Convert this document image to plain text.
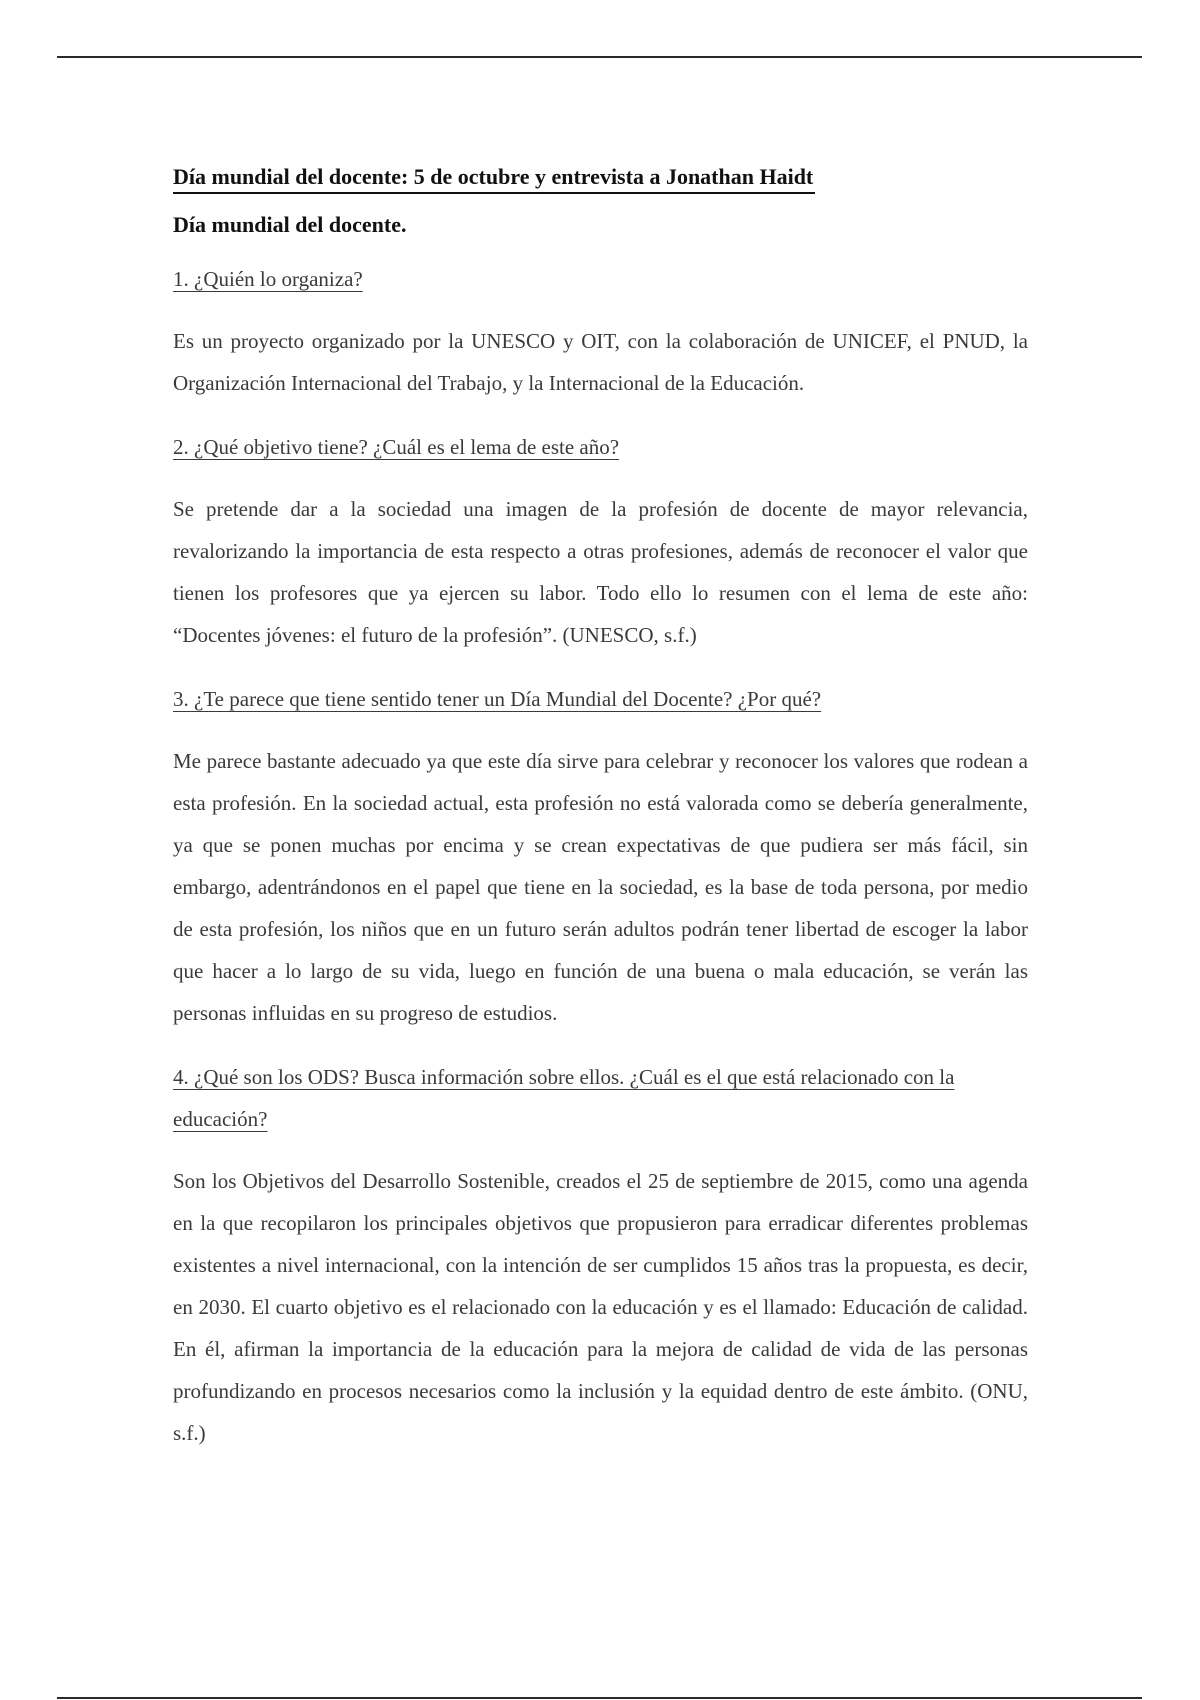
Día mundial del docente: 5 de octubre y entrevista a Jonathan Haidt

Día mundial del docente.

1. ¿Quién lo organiza?

Es un proyecto organizado por la UNESCO y OIT, con la colaboración de UNICEF, el PNUD, la Organización Internacional del Trabajo, y la Internacional de la Educación.

2. ¿Qué objetivo tiene? ¿Cuál es el lema de este año?

Se pretende dar a la sociedad una imagen de la profesión de docente de mayor relevancia, revalorizando la importancia de esta respecto a otras profesiones, además de reconocer el valor que tienen los profesores que ya ejercen su labor. Todo ello lo resumen con el lema de este año: “Docentes jóvenes: el futuro de la profesión”. (UNESCO, s.f.)

3. ¿Te parece que tiene sentido tener un Día Mundial del Docente? ¿Por qué?

Me parece bastante adecuado ya que este día sirve para celebrar y reconocer los valores que rodean a esta profesión. En la sociedad actual, esta profesión no está valorada como se debería generalmente, ya que se ponen muchas por encima y se crean expectativas de que pudiera ser más fácil, sin embargo, adentrándonos en el papel que tiene en la sociedad, es la base de toda persona, por medio de esta profesión, los niños que en un futuro serán adultos podrán tener libertad de escoger la labor que hacer a lo largo de su vida, luego en función de una buena o mala educación, se verán las personas influidas en su progreso de estudios.

4. ¿Qué son los ODS? Busca información sobre ellos. ¿Cuál es el que está relacionado con la educación?

Son los Objetivos del Desarrollo Sostenible, creados el 25 de septiembre de 2015, como una agenda en la que recopilaron los principales objetivos que propusieron para erradicar diferentes problemas existentes a nivel internacional, con la intención de ser cumplidos 15 años tras la propuesta, es decir, en 2030. El cuarto objetivo es el relacionado con la educación y es el llamado: Educación de calidad. En él, afirman la importancia de la educación para la mejora de calidad de vida de las personas profundizando en procesos necesarios como la inclusión y la equidad dentro de este ámbito. (ONU, s.f.)
